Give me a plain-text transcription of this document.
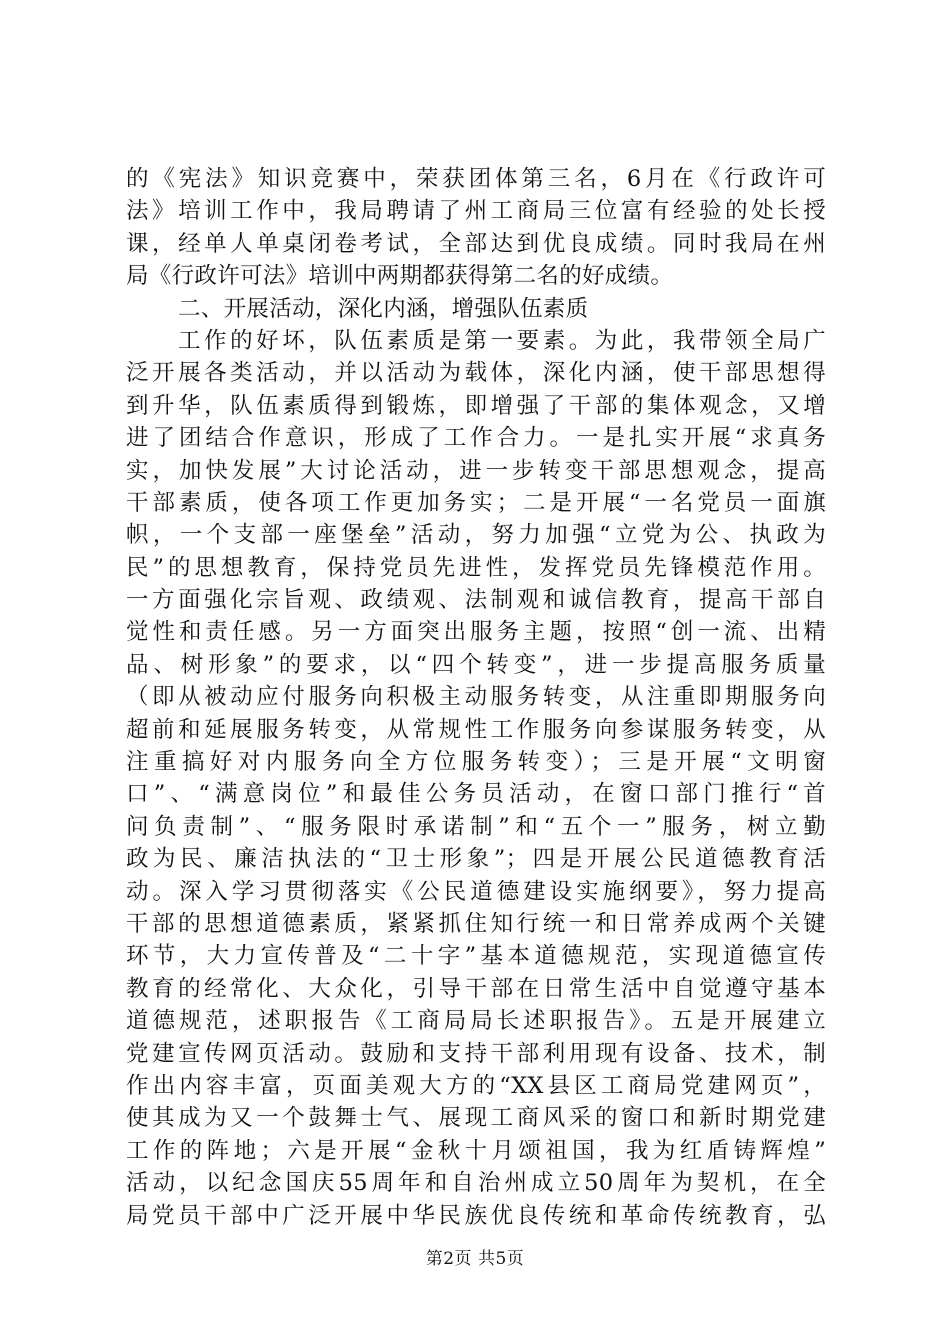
的《宪法》知识竞赛中，荣获团体第三名，6月在《行政许可
法》培训工作中，我局聘请了州工商局三位富有经验的处长授
课，经单人单桌闭卷考试，全部达到优良成绩。同时我局在州
局《行政许可法》培训中两期都获得第二名的好成绩。
二、开展活动，深化内涵，增强队伍素质
工作的好坏，队伍素质是第一要素。为此，我带领全局广
泛开展各类活动，并以活动为载体，深化内涵，使干部思想得
到升华，队伍素质得到锻炼，即增强了干部的集体观念，又增
进了团结合作意识，形成了工作合力。一是扎实开展“求真务
实，加快发展”大讨论活动，进一步转变干部思想观念，提高
干部素质，使各项工作更加务实；二是开展“一名党员一面旗
帜，一个支部一座堡垒”活动，努力加强“立党为公、执政为
民”的思想教育，保持党员先进性，发挥党员先锋模范作用。
一方面强化宗旨观、政绩观、法制观和诚信教育，提高干部自
觉性和责任感。另一方面突出服务主题，按照“创一流、出精
品、树形象”的要求，以“四个转变”，进一步提高服务质量
（即从被动应付服务向积极主动服务转变，从注重即期服务向
超前和延展服务转变，从常规性工作服务向参谋服务转变，从
注重搞好对内服务向全方位服务转变）；三是开展“文明窗
口”、“满意岗位”和最佳公务员活动，在窗口部门推行“首
问负责制”、“服务限时承诺制”和“五个一”服务，树立勤
政为民、廉洁执法的“卫士形象”；四是开展公民道德教育活
动。深入学习贯彻落实《公民道德建设实施纲要》，努力提高
干部的思想道德素质，紧紧抓住知行统一和日常养成两个关键
环节，大力宣传普及“二十字”基本道德规范，实现道德宣传
教育的经常化、大众化，引导干部在日常生活中自觉遵守基本
道德规范，述职报告《工商局局长述职报告》。五是开展建立
党建宣传网页活动。鼓励和支持干部利用现有设备、技术，制
作出内容丰富，页面美观大方的“XX县区工商局党建网页”，
使其成为又一个鼓舞士气、展现工商风采的窗口和新时期党建
工作的阵地；六是开展“金秋十月颂祖国，我为红盾铸辉煌”
活动，以纪念国庆55周年和自治州成立50周年为契机，在全
局党员干部中广泛开展中华民族优良传统和革命传统教育，弘
第2页 共5页
